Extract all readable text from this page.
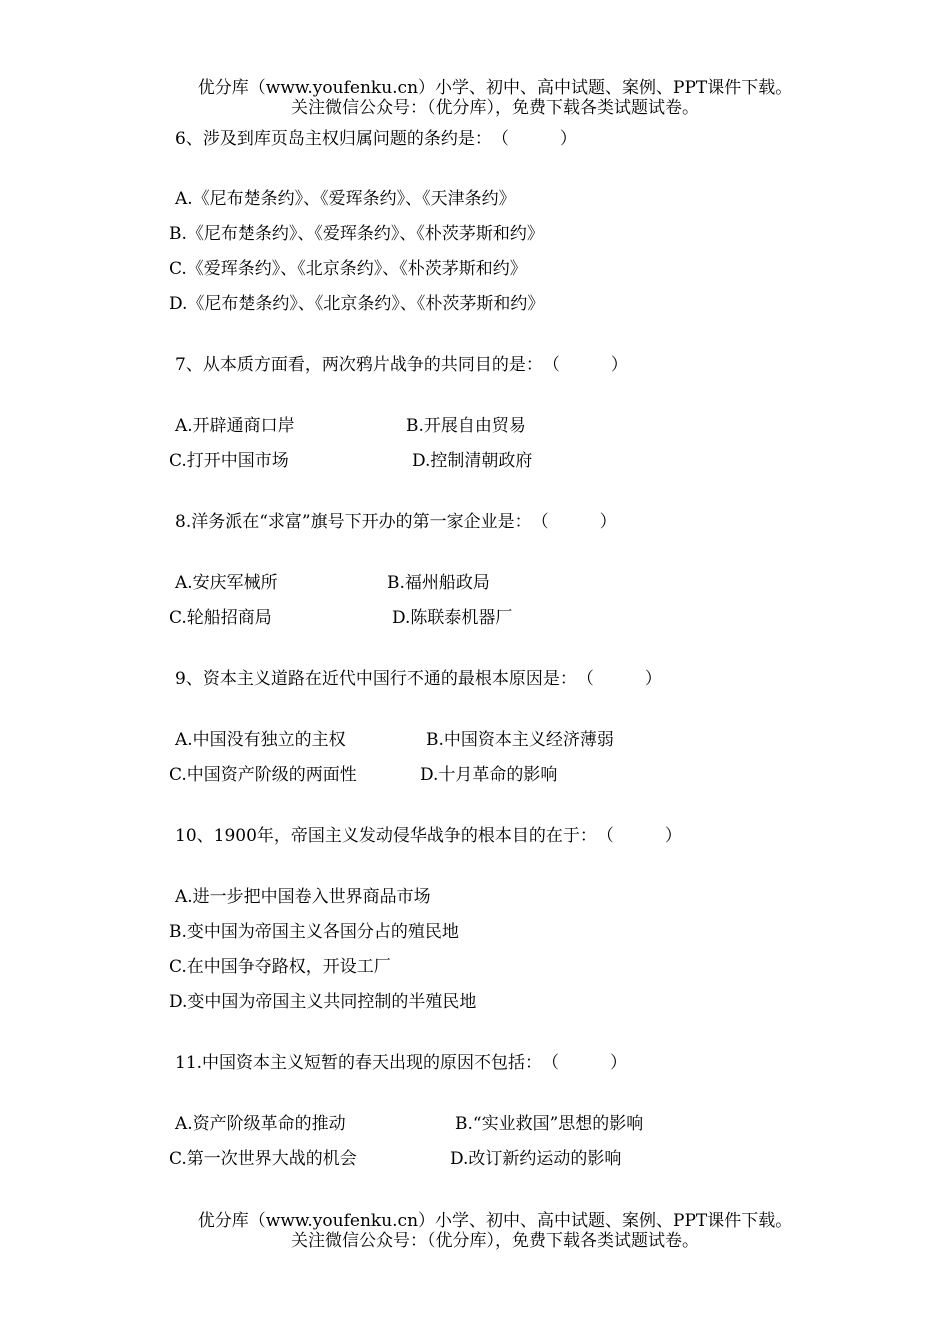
优分库（www.youfenku.cn）小学、初中、高中试题、案例、PPT课件下载。
关注微信公众号：（优分库），免费下载各类试题试卷。
6、涉及到库页岛主权归属问题的条约是：　（　　　）
A.《尼布楚条约》、《爱珲条约》、《天津条约》
B.《尼布楚条约》、《爱珲条约》、《朴茨茅斯和约》
C.《爱珲条约》、《北京条约》、《朴茨茅斯和约》
D.《尼布楚条约》、《北京条约》、《朴茨茅斯和约》
7、从本质方面看，两次鸦片战争的共同目的是：　（　　　）
A.开辟通商口岸	B.开展自由贸易
C.打开中国市场	D.控制清朝政府
8.洋务派在“求富”旗号下开办的第一家企业是：　（　　　）
A.安庆军械所	B.福州船政局
C.轮船招商局	D.陈联泰机器厂
9、资本主义道路在近代中国行不通的最根本原因是：　（　　　）
A.中国没有独立的主权	B.中国资本主义经济薄弱
C.中国资产阶级的两面性	D.十月革命的影响
10、1900年，帝国主义发动侵华战争的根本目的在于：　（　　　）
A.进一步把中国卷入世界商品市场
B.变中国为帝国主义各国分占的殖民地
C.在中国争夺路权，开设工厂
D.变中国为帝国主义共同控制的半殖民地
11.中国资本主义短暂的春天出现的原因不包括：　（　　　）
A.资产阶级革命的推动	B.“实业救国”思想的影响
C.第一次世界大战的机会	D.改订新约运动的影响
优分库（www.youfenku.cn）小学、初中、高中试题、案例、PPT课件下载。
关注微信公众号：（优分库），免费下载各类试题试卷。
